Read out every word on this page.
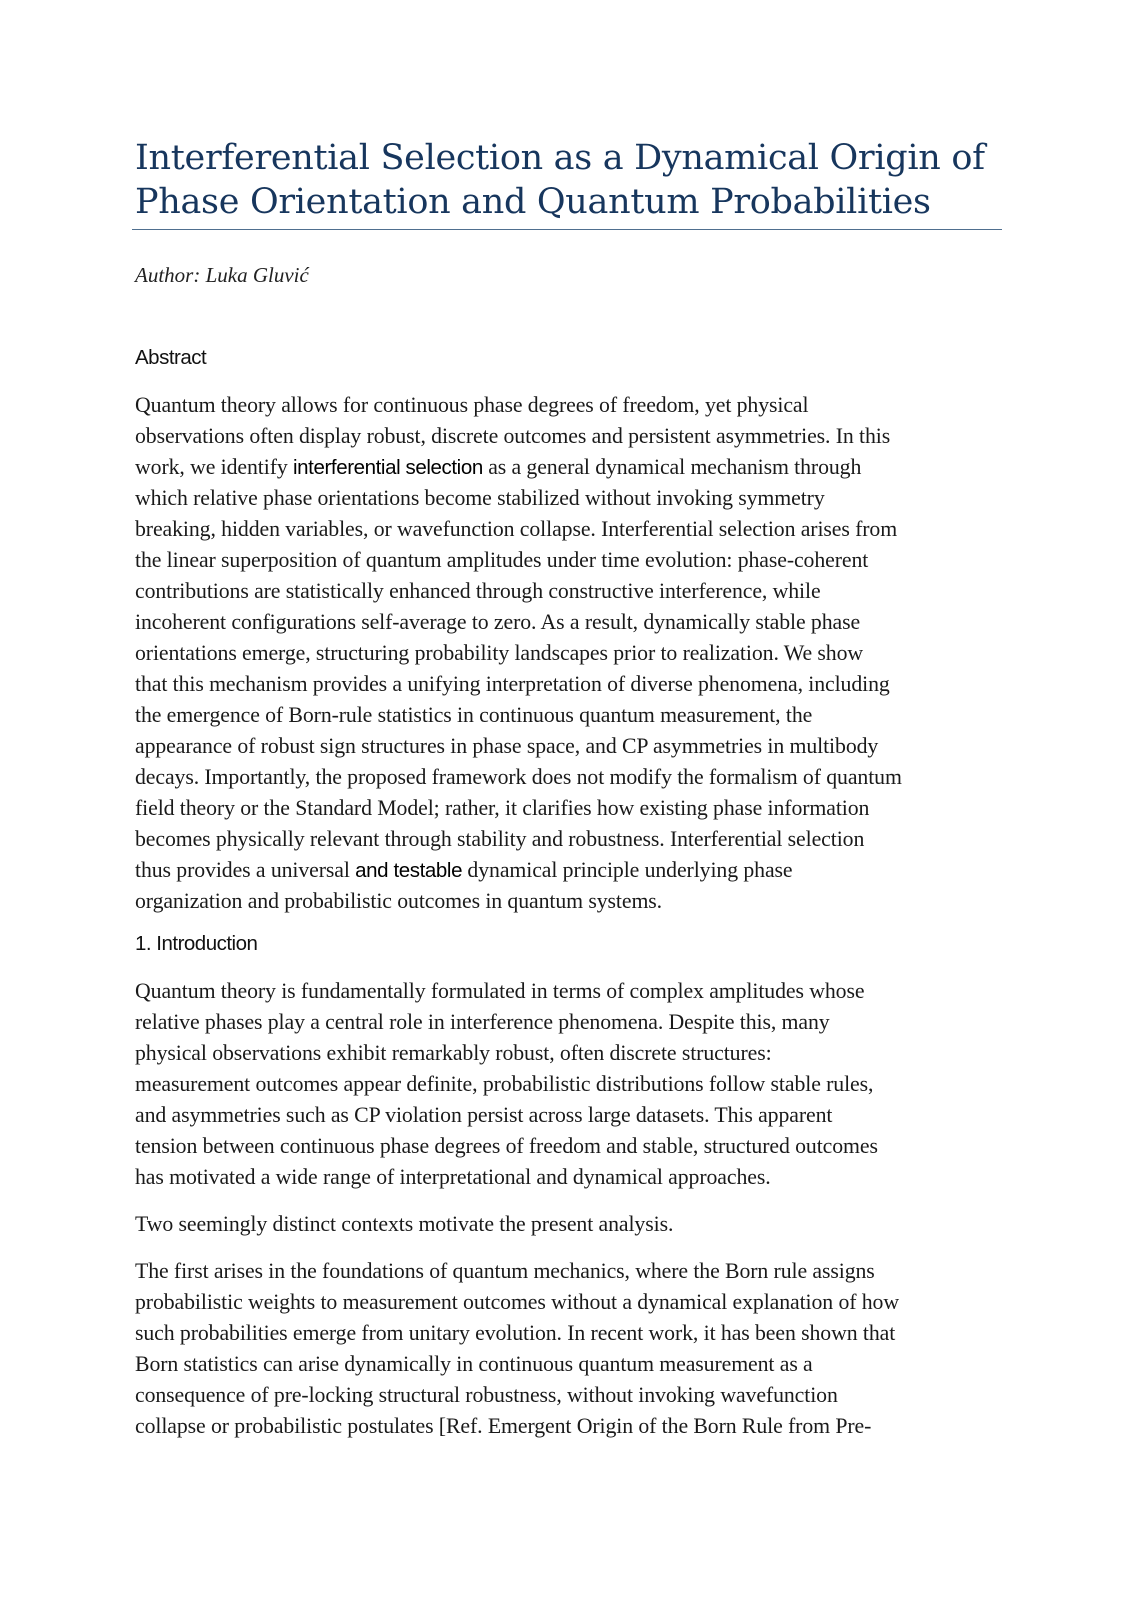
Interferential Selection as a Dynamical Origin of
Phase Orientation and Quantum Probabilities

Author: Luka Gluvić

Abstract

Quantum theory allows for continuous phase degrees of freedom, yet physical
observations often display robust, discrete outcomes and persistent asymmetries. In this
work, we identify interferential selection as a general dynamical mechanism through
which relative phase orientations become stabilized without invoking symmetry
breaking, hidden variables, or wavefunction collapse. Interferential selection arises from
the linear superposition of quantum amplitudes under time evolution: phase-coherent
contributions are statistically enhanced through constructive interference, while
incoherent configurations self-average to zero. As a result, dynamically stable phase
orientations emerge, structuring probability landscapes prior to realization. We show
that this mechanism provides a unifying interpretation of diverse phenomena, including
the emergence of Born-rule statistics in continuous quantum measurement, the
appearance of robust sign structures in phase space, and CP asymmetries in multibody
decays. Importantly, the proposed framework does not modify the formalism of quantum
field theory or the Standard Model; rather, it clarifies how existing phase information
becomes physically relevant through stability and robustness. Interferential selection
thus provides a universal and testable dynamical principle underlying phase
organization and probabilistic outcomes in quantum systems.

1. Introduction

Quantum theory is fundamentally formulated in terms of complex amplitudes whose
relative phases play a central role in interference phenomena. Despite this, many
physical observations exhibit remarkably robust, often discrete structures:
measurement outcomes appear definite, probabilistic distributions follow stable rules,
and asymmetries such as CP violation persist across large datasets. This apparent
tension between continuous phase degrees of freedom and stable, structured outcomes
has motivated a wide range of interpretational and dynamical approaches.

Two seemingly distinct contexts motivate the present analysis.

The first arises in the foundations of quantum mechanics, where the Born rule assigns
probabilistic weights to measurement outcomes without a dynamical explanation of how
such probabilities emerge from unitary evolution. In recent work, it has been shown that
Born statistics can arise dynamically in continuous quantum measurement as a
consequence of pre-locking structural robustness, without invoking wavefunction
collapse or probabilistic postulates [Ref. Emergent Origin of the Born Rule from Pre-
